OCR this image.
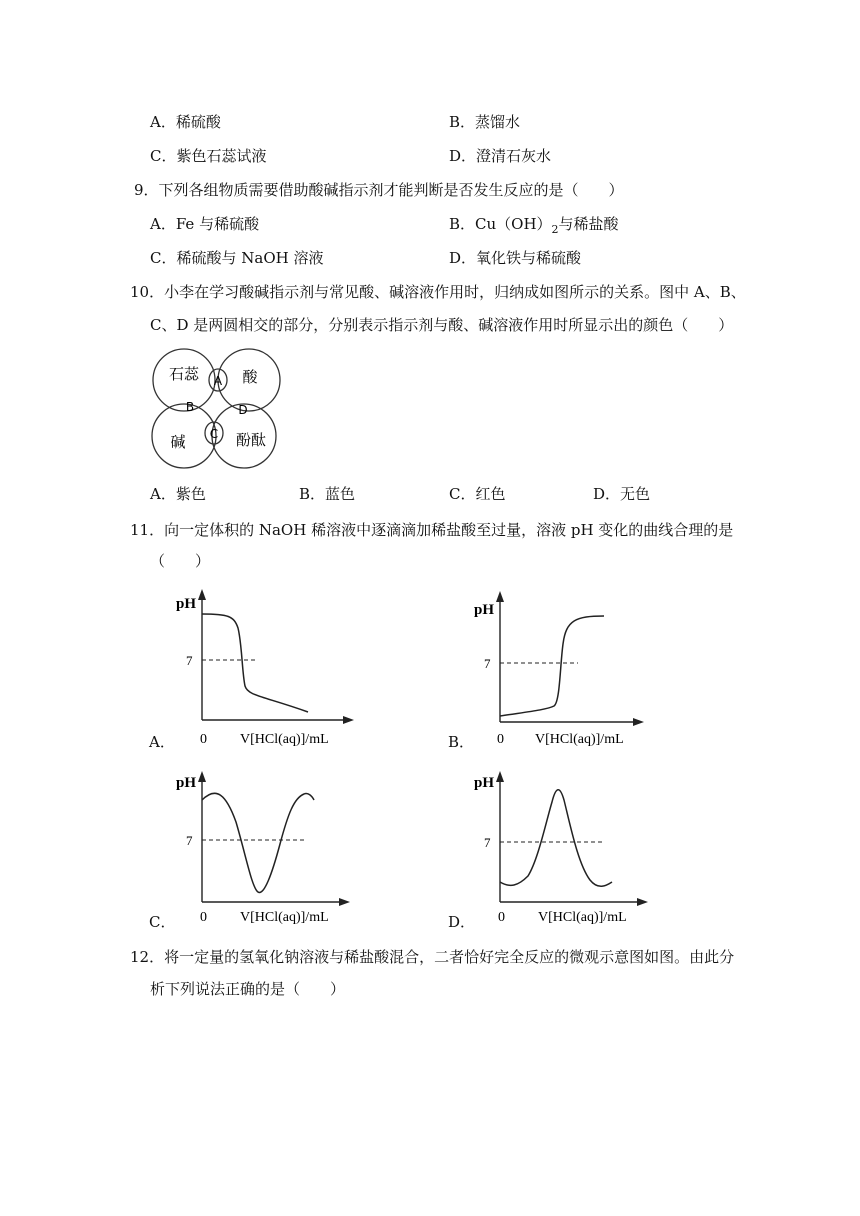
A．稀硫酸	B．蒸馏水
C．紫色石蕊试液	D．澄清石灰水
9．下列各组物质需要借助酸碱指示剂才能判断是否发生反应的是（　　）
A．Fe 与稀硫酸	B．$Cu(OH)_2$与稀盐酸
C．稀硫酸与 NaOH 溶液	D．氧化铁与稀硫酸
10．小李在学习酸碱指示剂与常见酸、碱溶液作用时，归纳成如图所示的关系。图中 A、B、
C、D 是两圆相交的部分，分别表示指示剂与酸、碱溶液作用时所显示出的颜色（　　）
石蕊	酸
碱	酚酞
A
B
C
D
A．紫色	B．蓝色	C．红色	D．无色
11．向一定体积的 NaOH 稀溶液中逐滴滴加稀盐酸至过量，溶液 pH 变化的曲线合理的是
（　　）
A．
pH
7
0 V[HCl(aq)]/mL	B．
pH
7
0 V[HCl(aq)]/mL
C．
pH
7
0 V[HCl(aq)]/mL	D．
pH
7
0 V[HCl(aq)]/mL
12．将一定量的氢氧化钠溶液与稀盐酸混合，二者恰好完全反应的微观示意图如图。由此分
析下列说法正确的是（　　）
